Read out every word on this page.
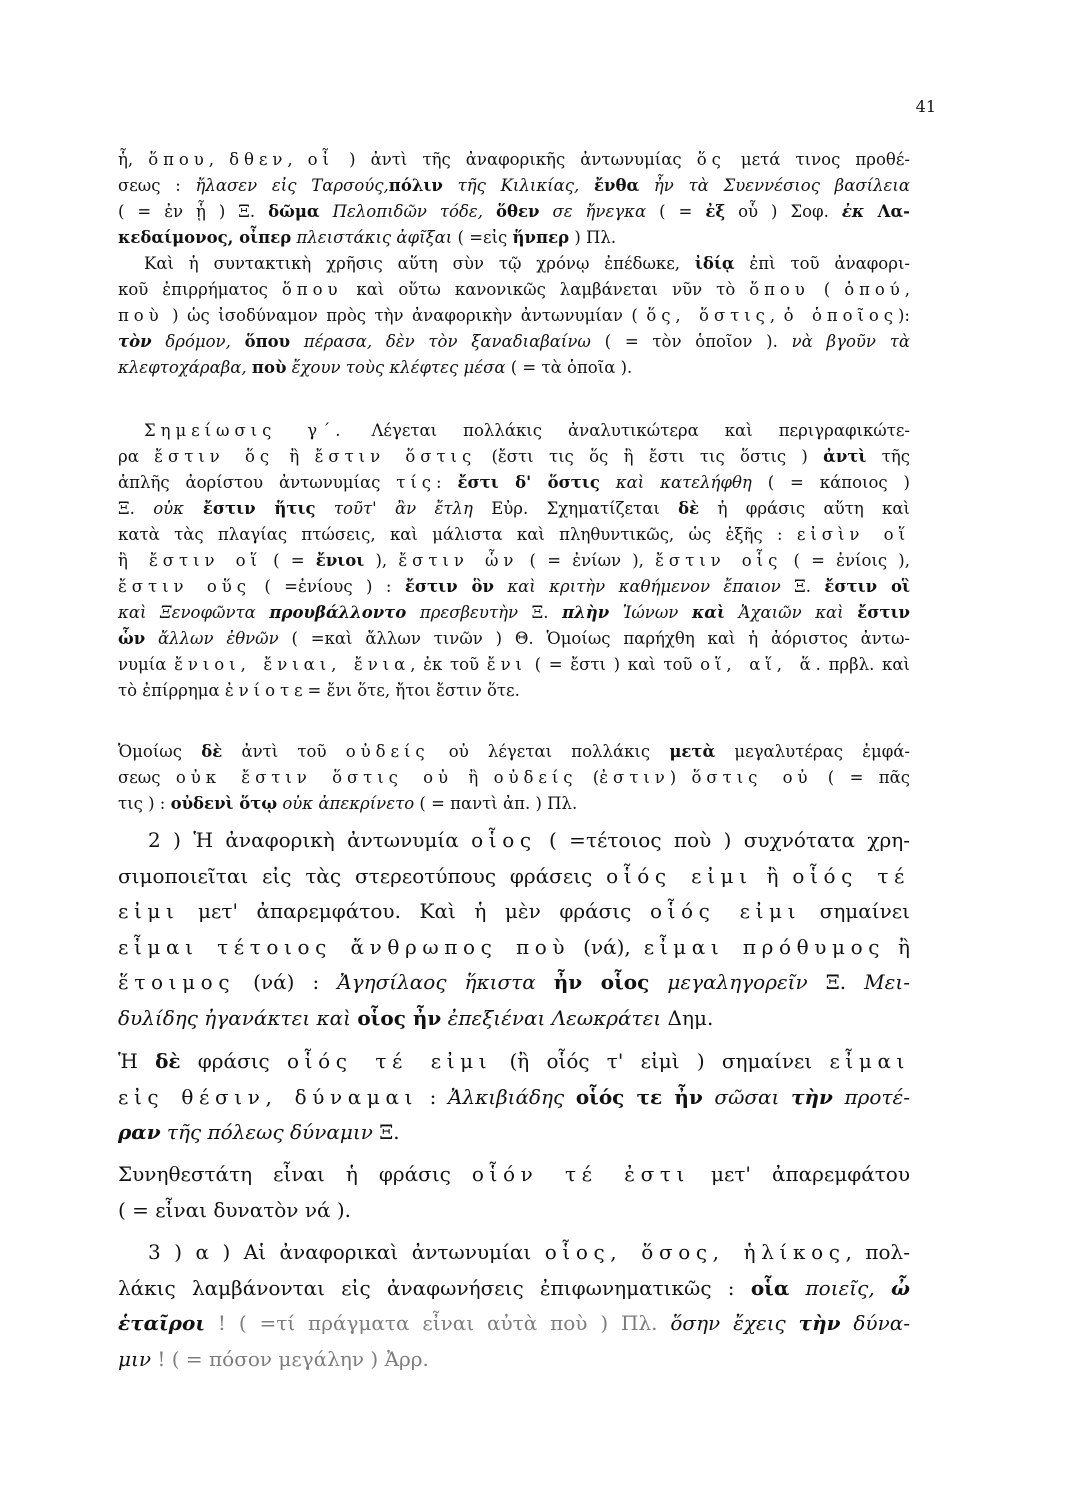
41
ἧ, ὅπου, δθεν, οἶ ) ἀντὶ τῆς ἀναφορικῆς ἀντωνυμίας ὅς μετά τινος προθέ-
σεως : ἤλασεν εἰς Ταρσούς,πόλιν τῆς Κιλικίας, ἔνθα ἦν τὰ Συεννέσιος βασίλεια
( = ἐν ᾗ ) Ξ. δῶμα Πελοπιδῶν τόδε, ὅθεν σε ἤνεγκα ( = ἐξ οὗ ) Σοφ. ἐκ Λα-
κεδαίμονος, οἶπερ πλειστάκις ἀφῖξαι ( =εἰς ἥνπερ ) Πλ.
Καὶ ἡ συντακτικὴ χρῆσις αὕτη σὺν τῷ χρόνῳ ἐπέδωκε, ἰδίᾳ ἐπὶ τοῦ ἀναφορι-
κοῦ ἐπιρρήματος ὅπου καὶ οὕτω κανονικῶς λαμβάνεται νῦν τὸ ὅπου ( ὁπού,
ποὺ ) ὡς ἰσοδύναμον πρὸς τὴν ἀναφορικὴν ἀντωνυμίαν ( ὅς, ὅστις, ὁ ὁποῖος):
τὸν δρόμον, ὅπου πέρασα, δὲν τὸν ξαναδιαβαίνω ( = τὸν ὁποῖον ). νὰ βγοῦν τὰ
κλεφτοχάραβα, ποὺ ἔχουν τοὺς κλέφτες μέσα ( = τὰ ὁποῖα ).
Σημείωσις γ΄. Λέγεται πολλάκις ἀναλυτικώτερα καὶ περιγραφικώτε-
ρα ἔστιν ὅς ἢ ἔστιν ὅστις (ἔστι τις ὅς ἢ ἔστι τις ὅστις ) ἀντὶ τῆς
ἁπλῆς ἀορίστου ἀντωνυμίας τίς: ἔστι δ' ὅστις καὶ κατελήφθη ( = κάποιος )
Ξ. οὐκ ἔστιν ἥτις τοῦτ' ἂν ἔτλη Εὐρ. Σχηματίζεται δὲ ἡ φράσις αὕτη καὶ
κατὰ τὰς πλαγίας πτώσεις, καὶ μάλιστα καὶ πληθυντικῶς, ὡς ἑξῆς : εἰσὶν οἵ
ἢ ἔστιν οἵ ( = ἔνιοι ), ἔστιν ὧν ( = ἐνίων ), ἔστιν οἷς ( = ἐνίοις ),
ἔστιν οὕς ( =ἐνίους ) : ἔστιν ὃν καὶ κριτὴν καθήμενον ἔπαιον Ξ. ἔστιν οἳ
καὶ Ξενοφῶντα προυβάλλοντο πρεσβευτὴν Ξ. πλὴν Ἰώνων καὶ Ἀχαιῶν καὶ ἔστιν
ὧν ἄλλων ἐθνῶν ( =καὶ ἄλλων τινῶν ) Θ. Ὁμοίως παρήχθη καὶ ἡ ἀόριστος ἀντω-
νυμία ἔνιοι, ἔνιαι, ἔνια, ἐκ τοῦ ἔνι ( = ἔστι ) καὶ τοῦ οἵ, αἵ, ἅ. πρβλ. καὶ
τὸ ἐπίρρημα ἐνίοτε= ἔνι ὅτε, ἤτοι ἔστιν ὅτε.
Ὁμοίως δὲ ἀντὶ τοῦ οὐδείς οὐ λέγεται πολλάκις μετὰ μεγαλυτέρας ἐμφά-
σεως οὐκ ἔστιν ὅστις οὐ ἢ οὐδείς (ἐστιν) ὅστις οὐ ( = πᾶς
τις ) : οὐδενὶ ὅτῳ οὐκ ἀπεκρίνετο ( = παντὶ ἀπ. ) Πλ.
2 ) Ἡ ἀναφορικὴ ἀντωνυμία οἷος ( =τέτοιος ποὺ ) συχνότατα χρη-
σιμοποιεῖται εἰς τὰς στερεοτύπους φράσεις οἷός εἰμι ἢ οἷός τέ
εἰμι μετ' ἀπαρεμφάτου. Καὶ ἡ μὲν φράσις οἷός εἰμι σημαίνει
εἶμαι τέτοιος ἄνθρωπος ποὺ (νά), εἶμαι πρόθυμος ἢ
ἕτοιμος (νά) : Ἀγησίλαος ἥκιστα ἦν οἷος μεγαληγορεῖν Ξ. Μει-
δυλίδης ἠγανάκτει καὶ οἷος ἦν ἐπεξιέναι Λεωκράτει Δημ.
Ἡ δὲ φράσις οἷός τέ εἰμι (ἢ οἷός τ' εἰμὶ ) σημαίνει εἶμαι
εἰς θέσιν, δύναμαι : Ἀλκιβιάδης οἷός τε ἦν σῶσαι τὴν προτέ-
ραν τῆς πόλεως δύναμιν Ξ.
Συνηθεστάτη εἶναι ἡ φράσις οἷόν τέ ἐστι μετ' ἀπαρεμφάτου
( = εἶναι δυνατὸν νά ).
3 ) α ) Αἱ ἀναφορικαὶ ἀντωνυμίαι οἷος, ὅσος, ἡλίκος, πολ-
λάκις λαμβάνονται εἰς ἀναφωνήσεις ἐπιφωνηματικῶς : οἷα ποιεῖς, ὦ
ἑταῖροι ! ( =τί πράγματα εἶναι αὐτὰ ποὺ ) Πλ. ὅσην ἔχεις τὴν δύνα-
μιν ! ( = πόσον μεγάλην ) Ἀρρ.
